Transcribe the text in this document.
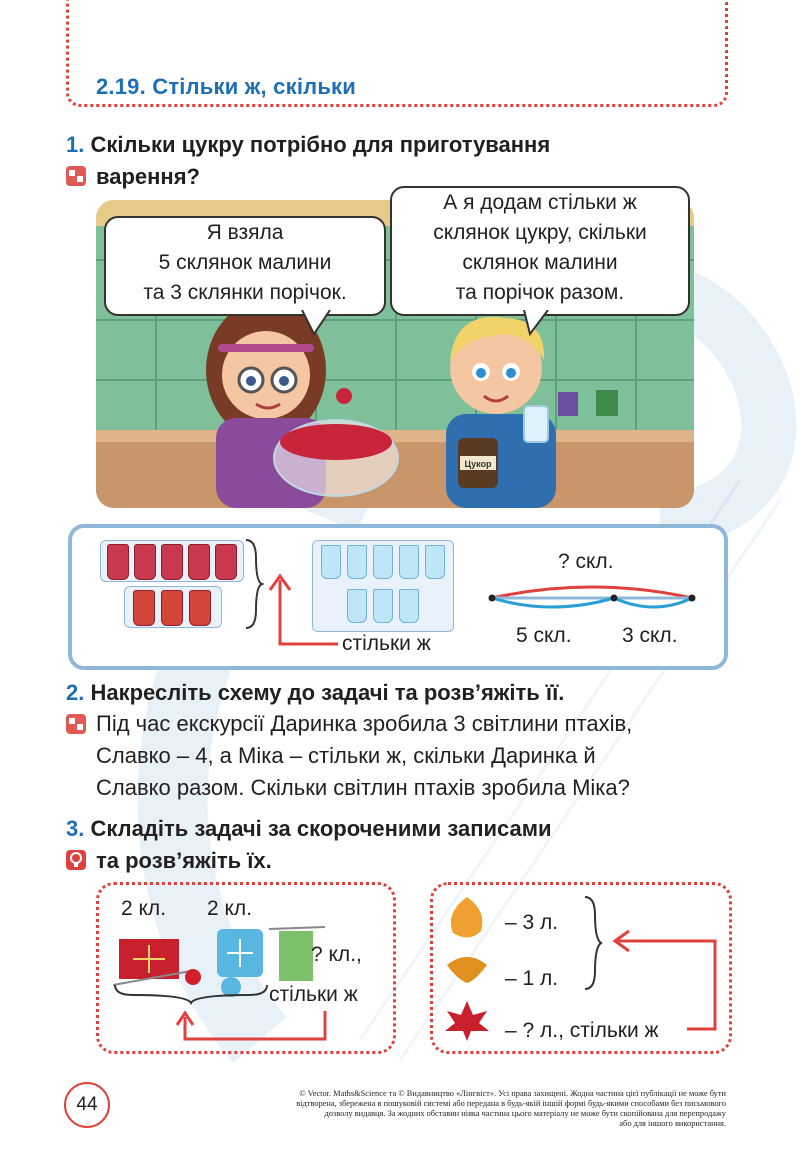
2.19. Стільки ж, скільки
1. Скільки цукру потрібно для приготування
варення?
Цукор
Я взяла
5 склянок малини
та 3 склянки порічок.
А я додам стільки ж
склянок цукру, скільки
склянок малини
та порічок разом.
стільки ж
? скл.
5 скл. 3 скл.
2. Накресліть схему до задачі та розв’яжіть її.
Під час екскурсії Даринка зробила 3 світлини птахів,
Славко – 4, а Міка – стільки ж, скільки Даринка й
Славко разом. Скільки світлин птахів зробила Міка?
3. Складіть задачі за скороченими записами
та розв’яжіть їх.
2 кл. 2 кл.
? кл.,
стільки ж
– 3 л.
– 1 л.
– ? л., стільки ж
44
© Vector. Maths&Science та © Видавництво «Лінгвіст». Усі права захищені. Жодна частина цієї публікації не може бути
відтворена, збережена в пошуковій системі або передана в будь-якій іншій формі будь-якими способами без письмового
дозволу видавця. За жодних обставин ніяка частина цього матеріалу не може бути скопійована для перепродажу
або для іншого використання.
